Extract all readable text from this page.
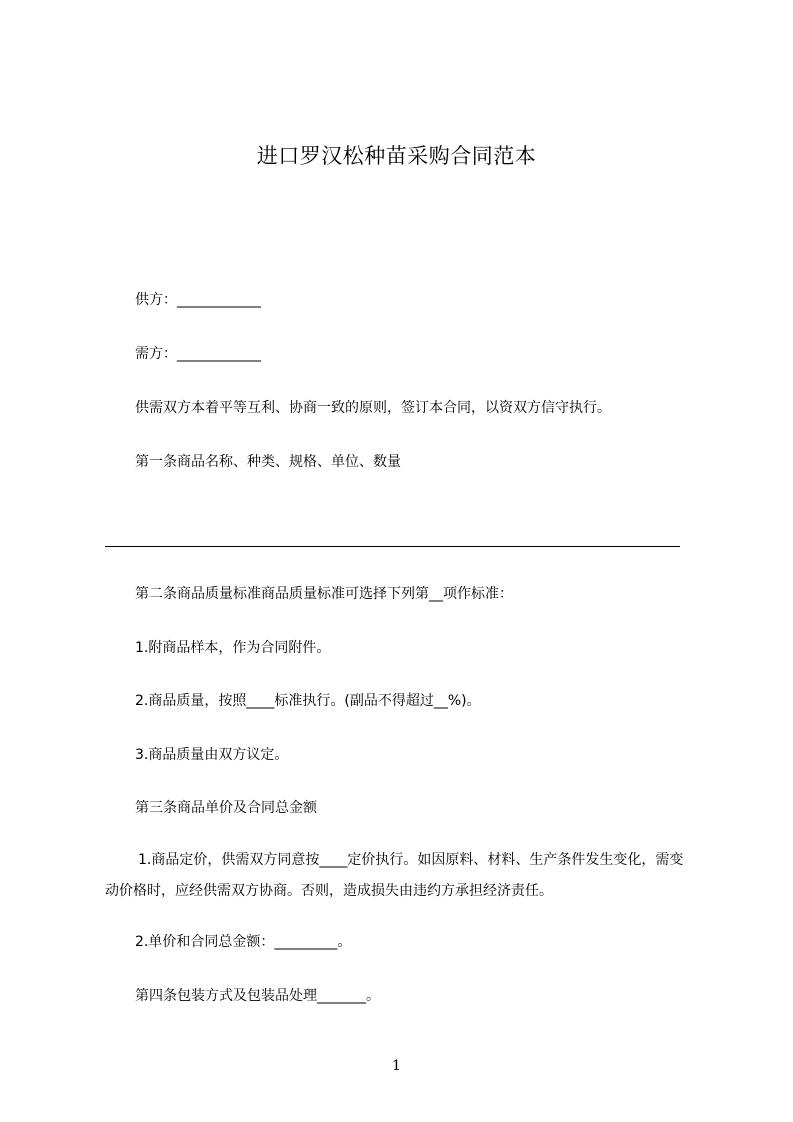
进口罗汉松种苗采购合同范本
供方：____________
需方：____________
供需双方本着平等互利、协商一致的原则，签订本合同，以资双方信守执行。
第一条商品名称、种类、规格、单位、数量
第二条商品质量标准商品质量标准可选择下列第__项作标准：
1.附商品样本，作为合同附件。
2.商品质量，按照____标准执行。(副品不得超过__%)。
3.商品质量由双方议定。
第三条商品单价及合同总金额
1.商品定价，供需双方同意按____定价执行。如因原料、材料、生产条件发生变化，需变动价格时，应经供需双方协商。否则，造成损失由违约方承担经济责任。
2.单价和合同总金额：_________。
第四条包装方式及包装品处理_______。
1
